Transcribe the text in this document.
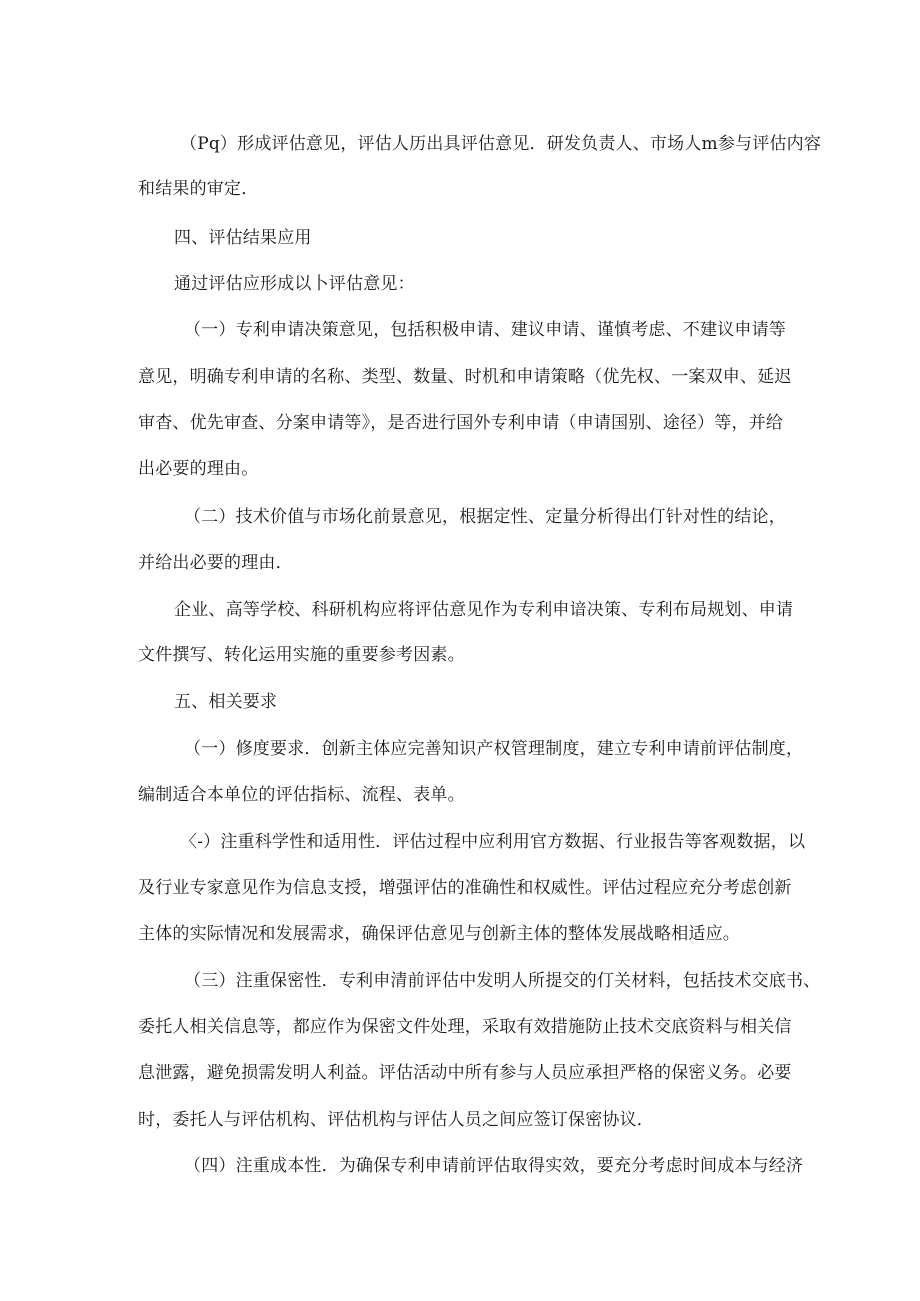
（Pq）形成评估意见，评估人历出具评估意见．研发负责人、市场人m参与评估内容
和结果的审定．
四、评估结果应用
通过评估应形成以卜评估意见：
（一）专利申请决策意见，包括积极申请、建议申请、谨慎考虑、不建议申请等
意见，明确专利申请的名称、类型、数量、时机和申请策略（优先权、一案双申、延迟
审杳、优先审查、分案申请等》，是否进行国外专利申请（申请国别、途径）等，并给
出必要的理由。
（二）技术价值与市场化前景意见，根据定性、定量分析得出仃针对性的结论，
并给出必要的理由．
企业、高等学校、科研机构应将评估意见作为专利申谙决策、专利布局规划、申请
文件撰写、转化运用实施的重要参考因素。
五、相关要求
（一）修度要求．创新主体应完善知识产权管理制度，建立专利申请前评估制度，
编制适合本单位的评估指标、流程、表单。
〈-）注重科学性和适用性．评估过程中应利用官方数据、行业报告等客观数据，以
及行业专家意见作为信息支授，增强评估的准确性和权威性。评估过程应充分考虑创新
主体的实际情况和发展需求，确保评估意见与创新主体的整体发展战略相适应。
（三）注重保密性．专利申清前评估中发明人所提交的仃关材料，包括技术交底书、
委托人相关信息等，都应作为保密文件处理，采取有效措施防止技术交底资料与相关信
息泄露，避免损需发明人利益。评估活动中所有参与人员应承担严格的保密义务。必要
时，委托人与评估机构、评估机构与评估人员之间应签订保密协议．
（四）注重成本性．为确保专利申请前评估取得实效，要充分考虑时间成本与经济
